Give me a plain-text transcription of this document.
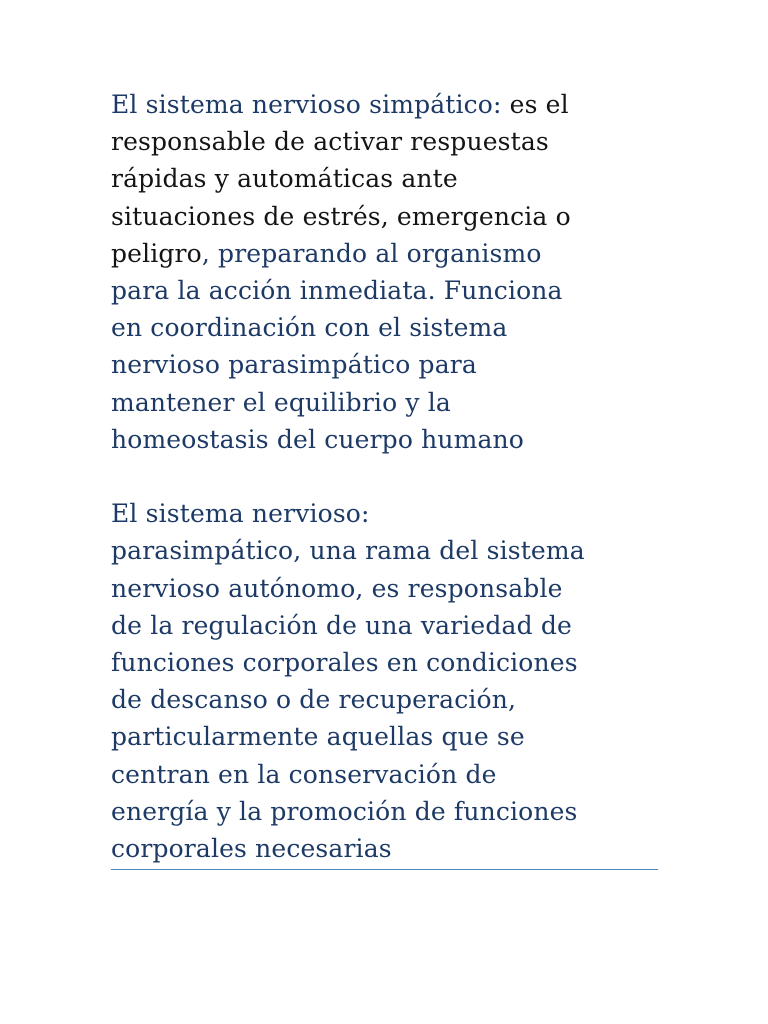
El sistema nervioso simpático: es el
responsable de activar respuestas
rápidas y automáticas ante
situaciones de estrés, emergencia o
peligro, preparando al organismo
para la acción inmediata. Funciona
en coordinación con el sistema
nervioso parasimpático para
mantener el equilibrio y la
homeostasis del cuerpo humano
El sistema nervioso:
parasimpático, una rama del sistema
nervioso autónomo, es responsable
de la regulación de una variedad de
funciones corporales en condiciones
de descanso o de recuperación,
particularmente aquellas que se
centran en la conservación de
energía y la promoción de funciones
corporales necesarias
